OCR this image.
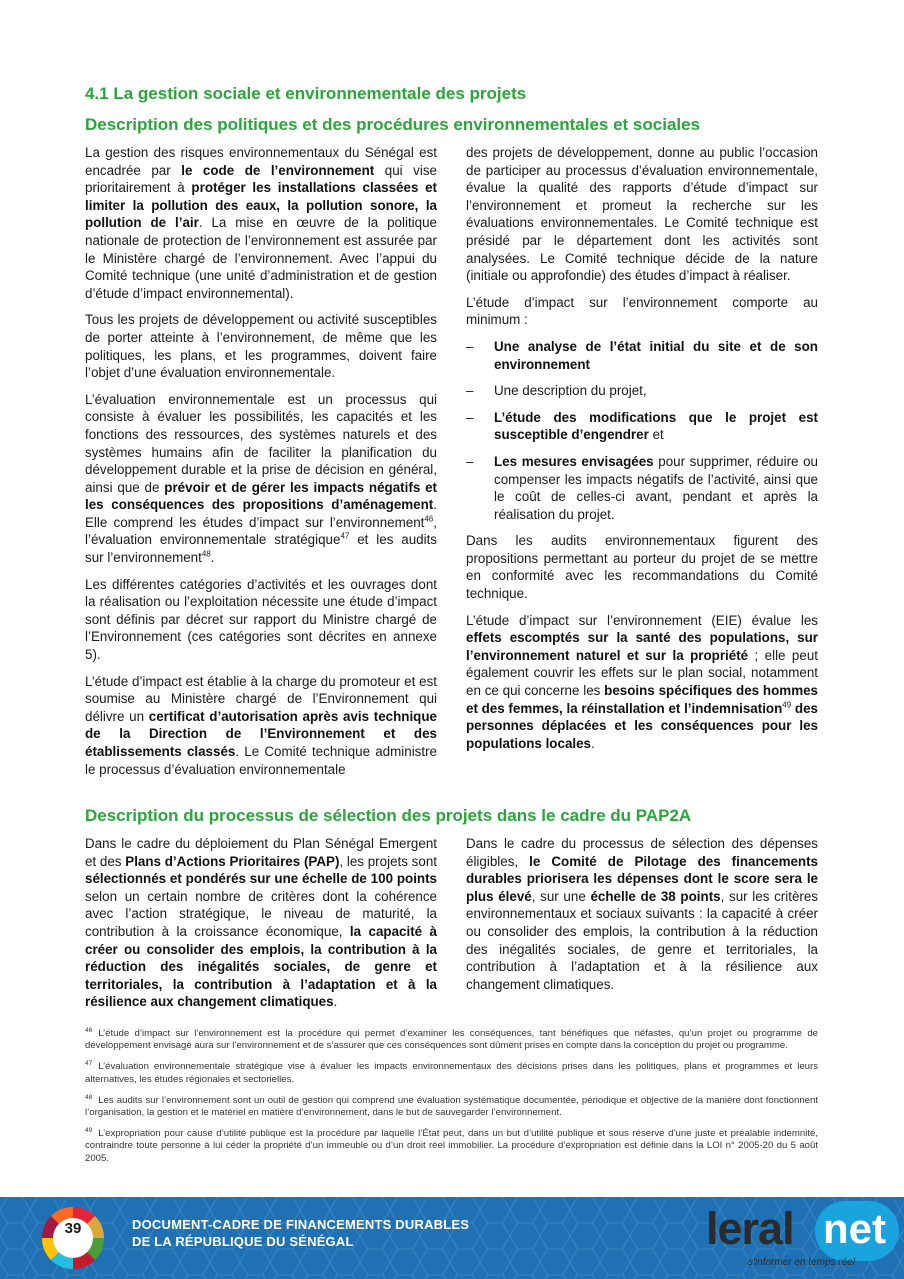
4.1 La gestion sociale et environnementale des projets
Description des politiques et des procédures environnementales et sociales

La gestion des risques environnementaux du Sénégal est encadrée par le code de l’environnement qui vise prioritairement à protéger les installations classées et limiter la pollution des eaux, la pollution sonore, la pollution de l’air. La mise en œuvre de la politique nationale de protection de l’environnement est assurée par le Ministère chargé de l’environnement. Avec l’appui du Comité technique (une unité d’administration et de gestion d’étude d’impact environnemental).

Tous les projets de développement ou activité susceptibles de porter atteinte à l’environnement, de même que les politiques, les plans, et les programmes, doivent faire l’objet d’une évaluation environnementale.

L’évaluation environnementale est un processus qui consiste à évaluer les possibilités, les capacités et les fonctions des ressources, des systèmes naturels et des systèmes humains afin de faciliter la planification du développement durable et la prise de décision en général, ainsi que de prévoir et de gérer les impacts négatifs et les conséquences des propositions d’aménagement. Elle comprend les études d’impact sur l’environnement$^{46}$, l’évaluation environnementale stratégique$^{47}$ et les audits sur l’environnement$^{48}$.

Les différentes catégories d’activités et les ouvrages dont la réalisation ou l’exploitation nécessite une étude d’impact sont définis par décret sur rapport du Ministre chargé de l’Environnement (ces catégories sont décrites en annexe 5).

L’étude d’impact est établie à la charge du promoteur et est soumise au Ministère chargé de l’Environnement qui délivre un certificat d’autorisation après avis technique de la Direction de l’Environnement et des établissements classés. Le Comité technique administre le processus d’évaluation environnementale

des projets de développement, donne au public l’occasion de participer au processus d’évaluation environnementale, évalue la qualité des rapports d’étude d’impact sur l’environnement et promeut la recherche sur les évaluations environnementales. Le Comité technique est présidé par le département dont les activités sont analysées. Le Comité technique décide de la nature (initiale ou approfondie) des études d’impact à réaliser.

L’étude d’impact sur l’environnement comporte au minimum :

– Une analyse de l’état initial du site et de son environnement
– Une description du projet,
– L’étude des modifications que le projet est susceptible d’engendrer et
– Les mesures envisagées pour supprimer, réduire ou compenser les impacts négatifs de l’activité, ainsi que le coût de celles-ci avant, pendant et après la réalisation du projet.

Dans les audits environnementaux figurent des propositions permettant au porteur du projet de se mettre en conformité avec les recommandations du Comité technique.

L’étude d’impact sur l’environnement (EIE) évalue les effets escomptés sur la santé des populations, sur l’environnement naturel et sur la propriété ; elle peut également couvrir les effets sur le plan social, notamment en ce qui concerne les besoins spécifiques des hommes et des femmes, la réinstallation et l’indemnisation$^{49}$ des personnes déplacées et les conséquences pour les populations locales.

Description du processus de sélection des projets dans le cadre du PAP2A

Dans le cadre du déploiement du Plan Sénégal Emergent et des Plans d’Actions Prioritaires (PAP), les projets sont sélectionnés et pondérés sur une échelle de 100 points selon un certain nombre de critères dont la cohérence avec l’action stratégique, le niveau de maturité, la contribution à la croissance économique, la capacité à créer ou consolider des emplois, la contribution à la réduction des inégalités sociales, de genre et territoriales, la contribution à l’adaptation et à la résilience aux changement climatiques.

Dans le cadre du processus de sélection des dépenses éligibles, le Comité de Pilotage des financements durables priorisera les dépenses dont le score sera le plus élevé, sur une échelle de 38 points, sur les critères environnementaux et sociaux suivants : la capacité à créer ou consolider des emplois, la contribution à la réduction des inégalités sociales, de genre et territoriales, la contribution à l’adaptation et à la résilience aux changement climatiques.

$^{46}$ L’étude d’impact sur l’environnement est la procédure qui permet d’examiner les conséquences, tant bénéfiques que néfastes, qu’un projet ou programme de développement envisagé aura sur l’environnement et de s’assurer que ces conséquences sont dûment prises en compte dans la conception du projet ou programme.

$^{47}$ L’évaluation environnementale stratégique vise à évaluer les impacts environnementaux des décisions prises dans les politiques, plans et programmes et leurs alternatives, les études régionales et sectorielles.

$^{48}$ Les audits sur l’environnement sont un outil de gestion qui comprend une évaluation systématique documentée, périodique et objective de la manière dont fonctionnent l’organisation, la gestion et le matériel en matière d’environnement, dans le but de sauvegarder l’environnement.

$^{49}$ L’expropriation pour cause d’utilité publique est la procédure par laquelle l’État peut, dans un but d’utilité publique et sous réserve d’une juste et préalable indemnité, contraindre toute personne à lui céder la propriété d’un immeuble ou d’un droit réel immobilier. La procédure d’expropriation est définie dans la LOI n° 2005-20 du 5 août 2005.

39	DOCUMENT-CADRE DE FINANCEMENTS DURABLES
DE LA RÉPUBLIQUE DU SÉNÉGAL	leral net
s'informer en temps réel
